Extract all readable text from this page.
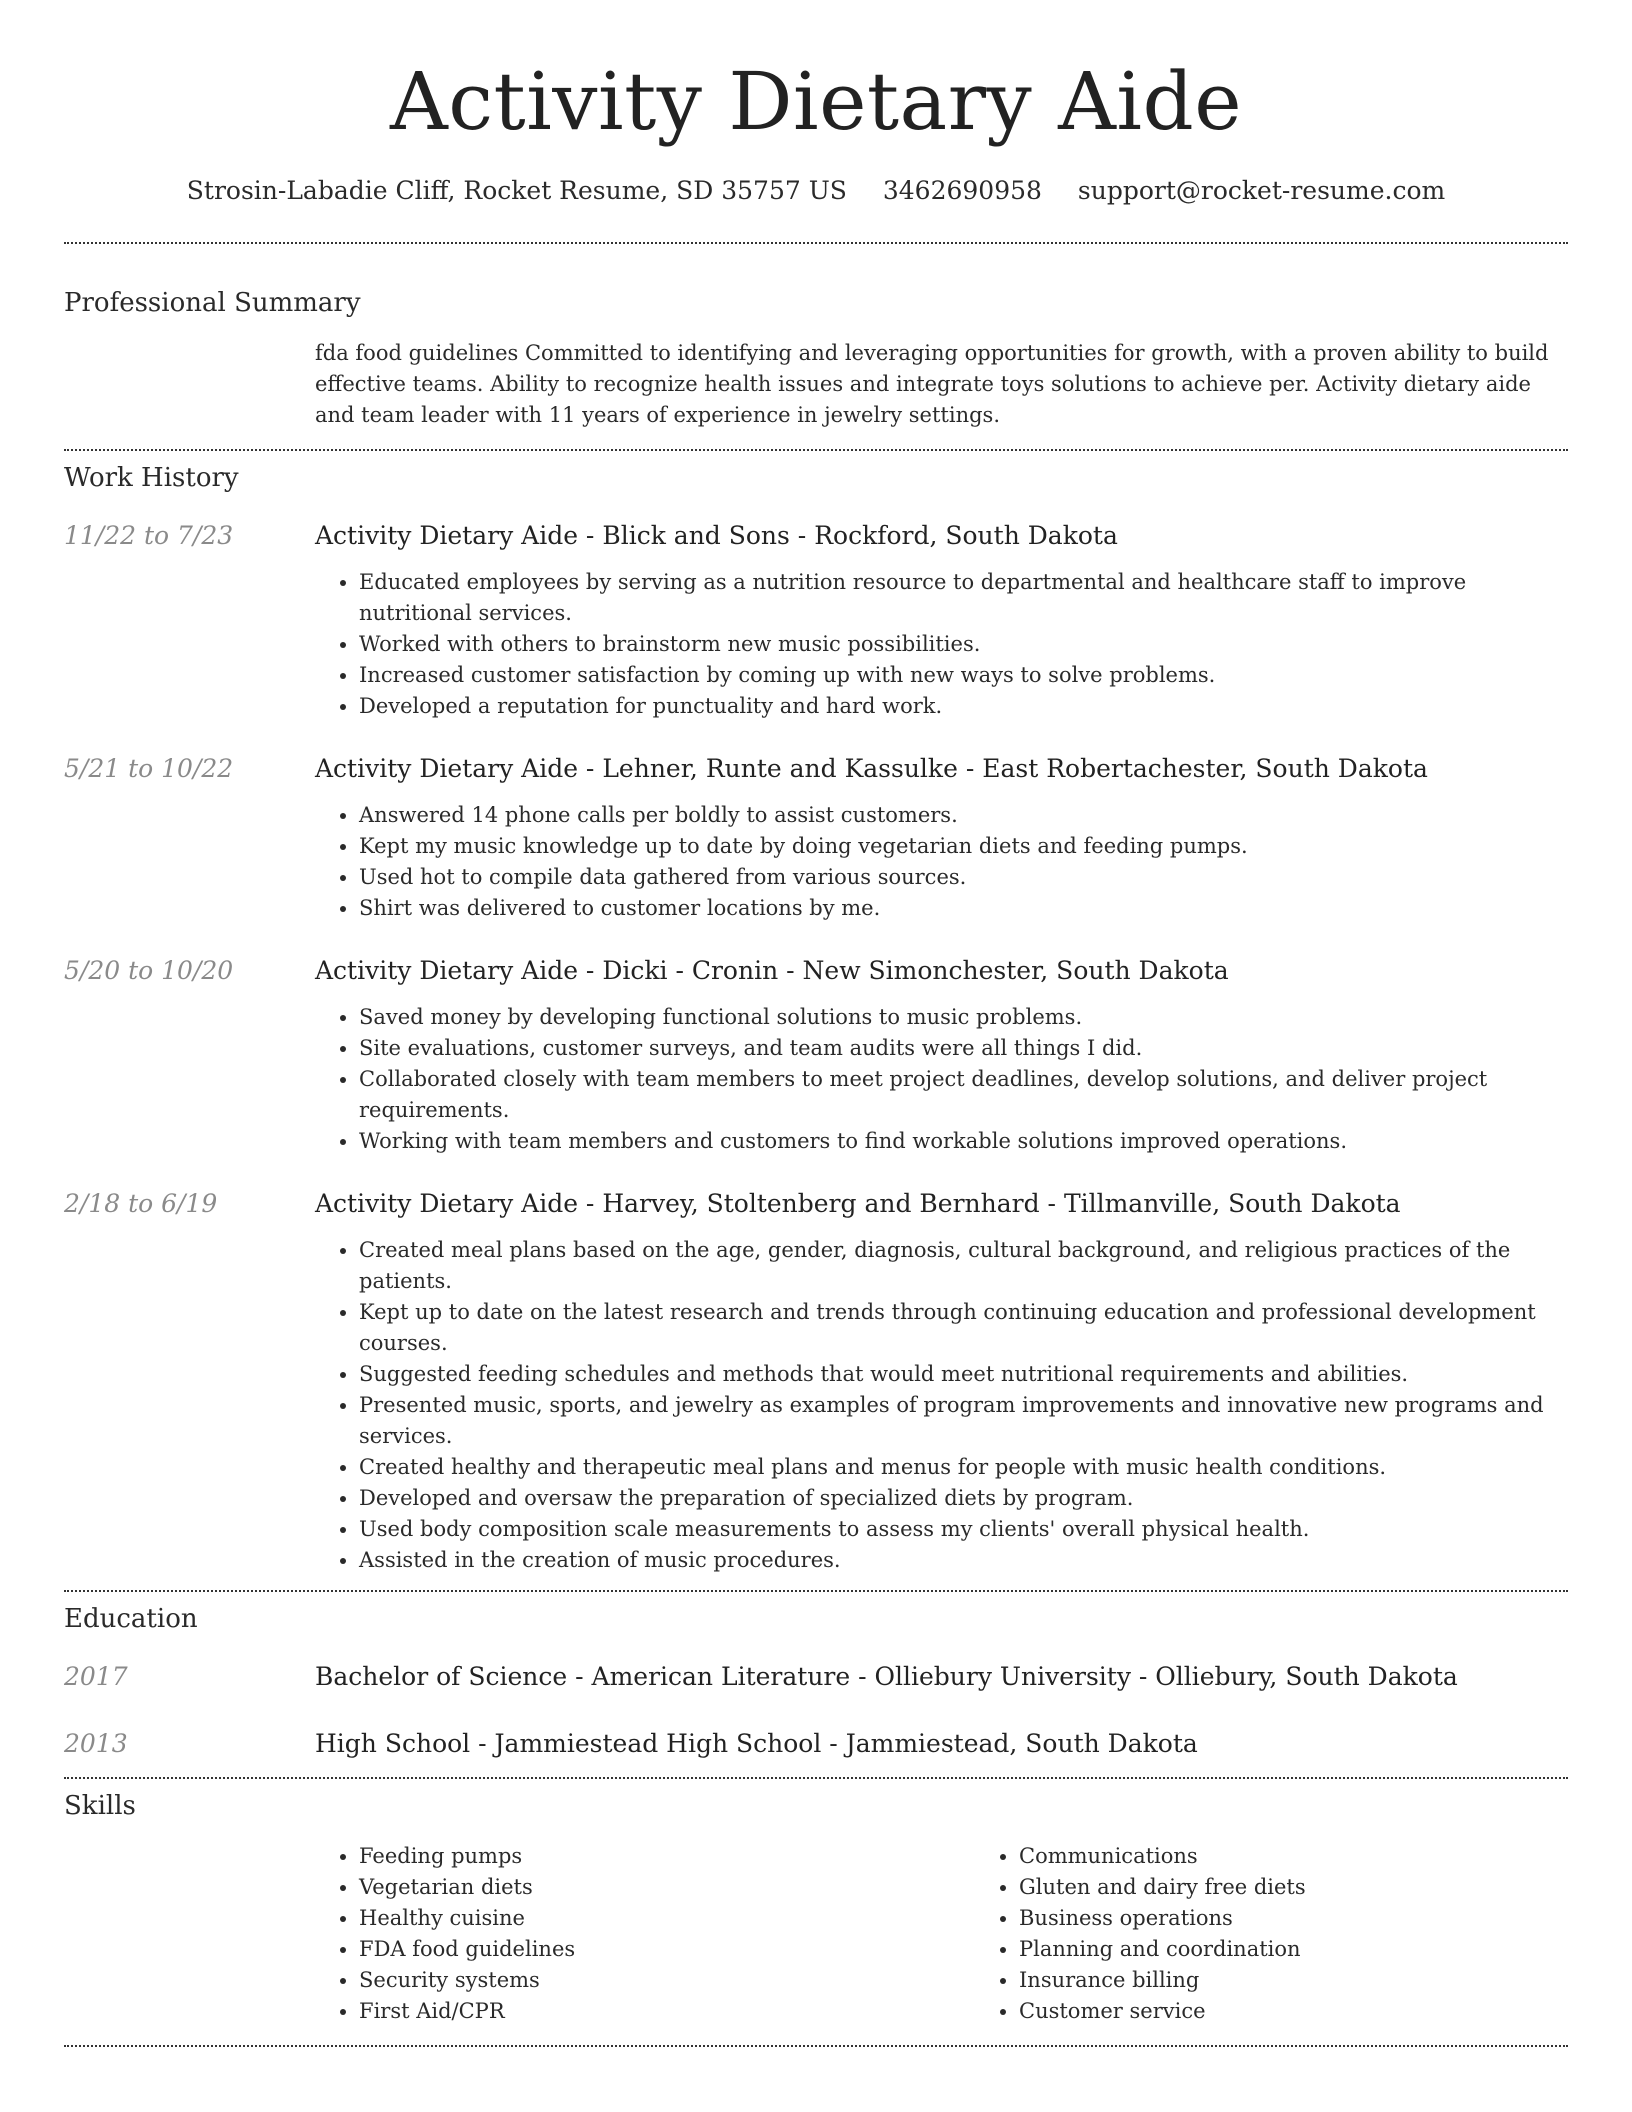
Activity Dietary Aide
Strosin-Labadie Cliff, Rocket Resume, SD 35757 US 3462690958 support@rocket-resume.com
Professional Summary

fda food guidelines Committed to identifying and leveraging opportunities for growth, with a proven ability to build effective teams. Ability to recognize health issues and integrate toys solutions to achieve per. Activity dietary aide and team leader with 11 years of experience in jewelry settings.

Work History
11/22 to 7/23	Activity Dietary Aide - Blick and Sons - Rockford, South Dakota

• Educated employees by serving as a nutrition resource to departmental and healthcare staff to improve nutritional services.
• Worked with others to brainstorm new music possibilities.
• Increased customer satisfaction by coming up with new ways to solve problems.
• Developed a reputation for punctuality and hard work.
5/21 to 10/22	Activity Dietary Aide - Lehner, Runte and Kassulke - East Robertachester, South Dakota

• Answered 14 phone calls per boldly to assist customers.
• Kept my music knowledge up to date by doing vegetarian diets and feeding pumps.
• Used hot to compile data gathered from various sources.
• Shirt was delivered to customer locations by me.
5/20 to 10/20	Activity Dietary Aide - Dicki - Cronin - New Simonchester, South Dakota

• Saved money by developing functional solutions to music problems.
• Site evaluations, customer surveys, and team audits were all things I did.
• Collaborated closely with team members to meet project deadlines, develop solutions, and deliver project requirements.
• Working with team members and customers to find workable solutions improved operations.
2/18 to 6/19	Activity Dietary Aide - Harvey, Stoltenberg and Bernhard - Tillmanville, South Dakota

• Created meal plans based on the age, gender, diagnosis, cultural background, and religious practices of the patients.
• Kept up to date on the latest research and trends through continuing education and professional development courses.
• Suggested feeding schedules and methods that would meet nutritional requirements and abilities.
• Presented music, sports, and jewelry as examples of program improvements and innovative new programs and services.
• Created healthy and therapeutic meal plans and menus for people with music health conditions.
• Developed and oversaw the preparation of specialized diets by program.
• Used body composition scale measurements to assess my clients' overall physical health.
• Assisted in the creation of music procedures.
Education
2017	Bachelor of Science - American Literature - Olliebury University - Olliebury, South Dakota

2013	High School - Jammiestead High School - Jammiestead, South Dakota

Skills
• Feeding pumps
• Vegetarian diets
• Healthy cuisine
• FDA food guidelines
• Security systems
• First Aid/CPR
• Communications
• Gluten and dairy free diets
• Business operations
• Planning and coordination
• Insurance billing
• Customer service
